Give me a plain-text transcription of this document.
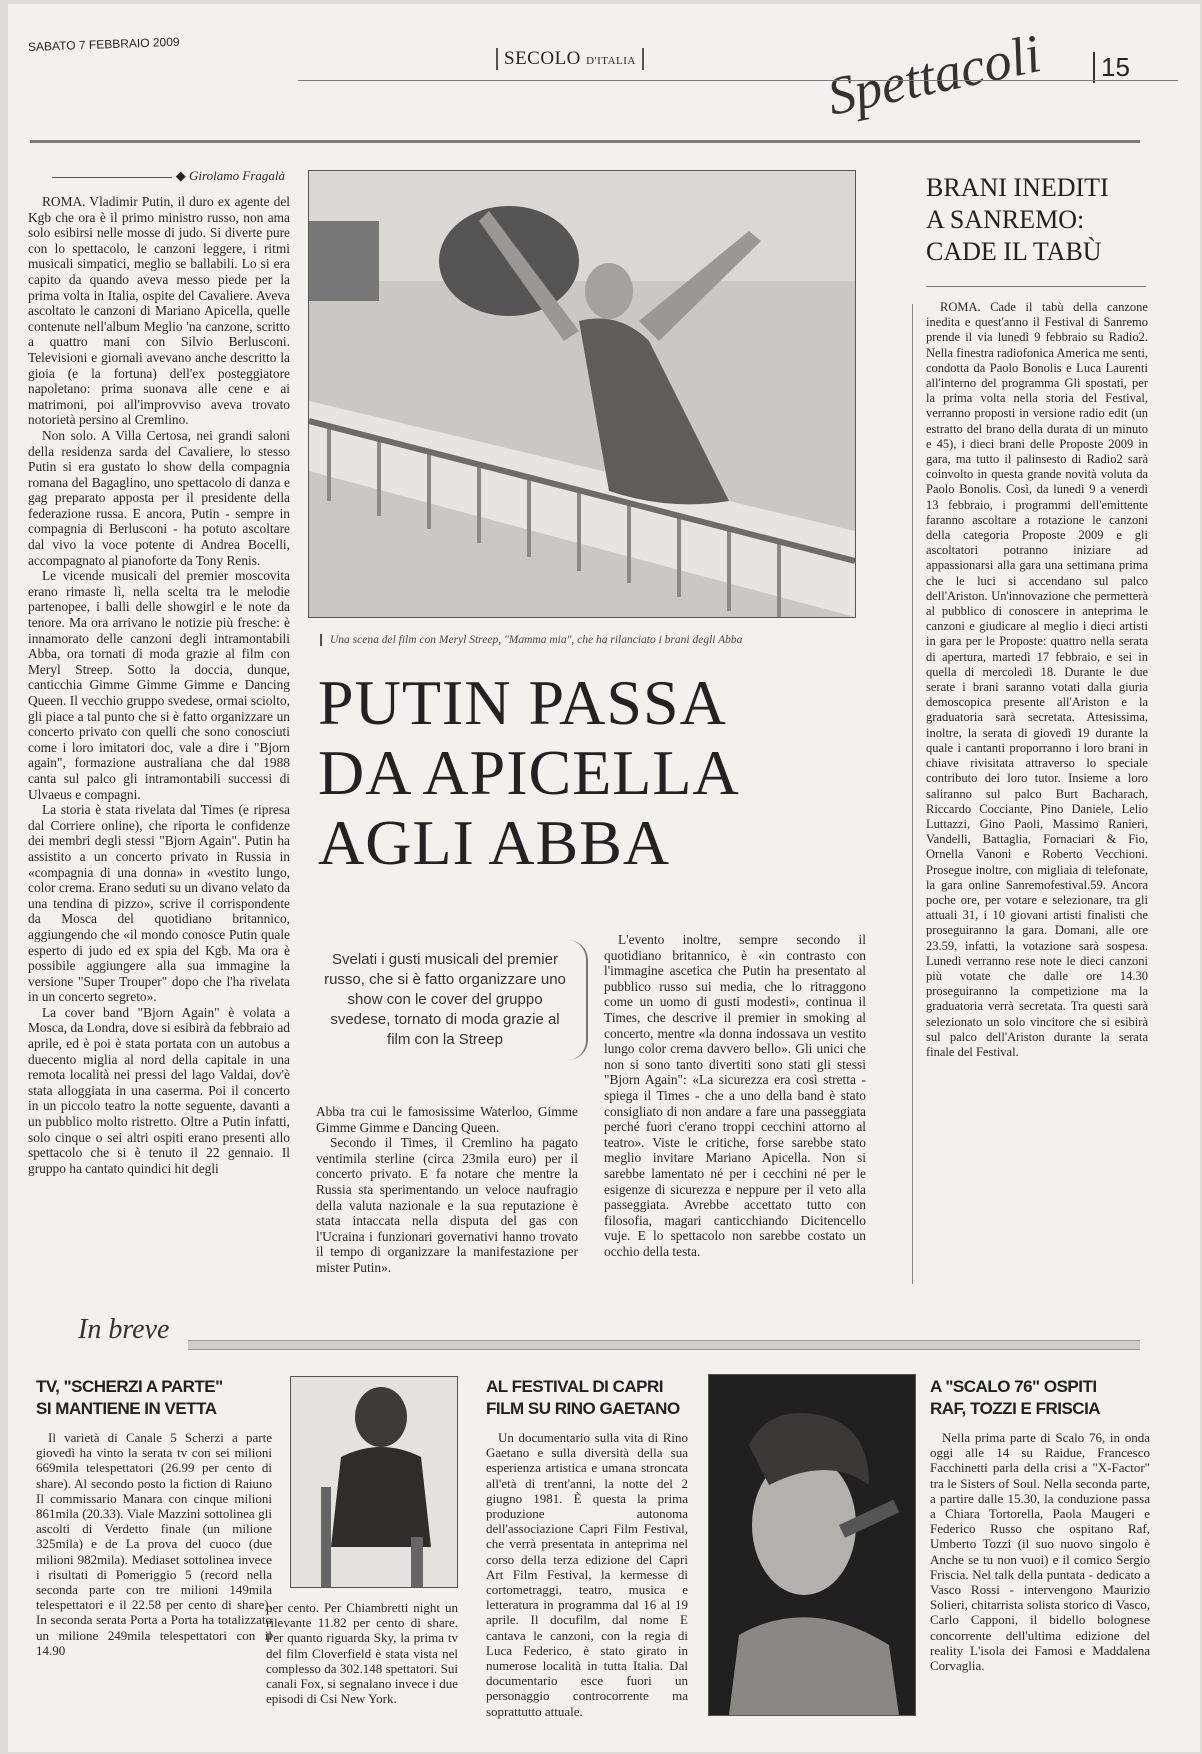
SABATO 7 FEBBRAIO 2009
SECOLO D'ITALIA	Spettacoli	15
◆ Girolamo Fragalà

ROMA. Vladimir Putin, il duro ex agente del Kgb che ora è il primo ministro russo, non ama solo esibirsi nelle mosse di judo. Si diverte pure con lo spettacolo, le canzoni leggere, i ritmi musicali simpatici, meglio se ballabili. Lo si era capito da quando aveva messo piede per la prima volta in Italia, ospite del Cavaliere. Aveva ascoltato le canzoni di Mariano Apicella, quelle contenute nell'album Meglio 'na canzone, scritto a quattro mani con Silvio Berlusconi. Televisioni e giornali avevano anche descritto la gioia (e la fortuna) dell'ex posteggiatore napoletano: prima suonava alle cene e ai matrimoni, poi all'improvviso aveva trovato notorietà persino al Cremlino.

Non solo. A Villa Certosa, nei grandi saloni della residenza sarda del Cavaliere, lo stesso Putin si era gustato lo show della compagnia romana del Bagaglino, uno spettacolo di danza e gag preparato apposta per il presidente della federazione russa. E ancora, Putin - sempre in compagnia di Berlusconi - ha potuto ascoltare dal vivo la voce potente di Andrea Bocelli, accompagnato al pianoforte da Tony Renis.

Le vicende musicali del premier moscovita erano rimaste lì, nella scelta tra le melodie partenopee, i balli delle showgirl e le note da tenore. Ma ora arrivano le notizie più fresche: è innamorato delle canzoni degli intramontabili Abba, ora tornati di moda grazie al film con Meryl Streep. Sotto la doccia, dunque, canticchia Gimme Gimme Gimme e Dancing Queen. Il vecchio gruppo svedese, ormai sciolto, gli piace a tal punto che si è fatto organizzare un concerto privato con quelli che sono conosciuti come i loro imitatori doc, vale a dire i "Bjorn again", formazione australiana che dal 1988 canta sul palco gli intramontabili successi di Ulvaeus e compagni.

La storia è stata rivelata dal Times (e ripresa dal Corriere online), che riporta le confidenze dei membri degli stessi "Bjorn Again". Putin ha assistito a un concerto privato in Russia in «compagnia di una donna» in «vestito lungo, color crema. Erano seduti su un divano velato da una tendina di pizzo», scrive il corrispondente da Mosca del quotidiano britannico, aggiungendo che «il mondo conosce Putin quale esperto di judo ed ex spia del Kgb. Ma ora è possibile aggiungere alla sua immagine la versione "Super Trouper" dopo che l'ha rivelata in un concerto segreto».

La cover band "Bjorn Again" è volata a Mosca, da Londra, dove si esibirà da febbraio ad aprile, ed è poi è stata portata con un autobus a duecento miglia al nord della capitale in una remota località nei pressi del lago Valdai, dov'è stata alloggiata in una caserma. Poi il concerto in un piccolo teatro la notte seguente, davanti a un pubblico molto ristretto. Oltre a Putin infatti, solo cinque o sei altri ospiti erano presenti allo spettacolo che si è tenuto il 22 gennaio. Il gruppo ha cantato quindici hit degli

Una scena del film con Meryl Streep, "Mamma mia", che ha rilanciato i brani degli Abba
PUTIN PASSA
DA APICELLA
AGLI ABBA
Svelati i gusti musicali del premier russo, che si è fatto organizzare uno show con le cover del gruppo svedese, tornato di moda grazie al film con la Streep

Abba tra cui le famosissime Waterloo, Gimme Gimme Gimme e Dancing Queen.

Secondo il Times, il Cremlino ha pagato ventimila sterline (circa 23mila euro) per il concerto privato. E fa notare che mentre la Russia sta sperimentando un veloce naufragio della valuta nazionale e la sua reputazione è stata intaccata nella disputa del gas con l'Ucraina i funzionari governativi hanno trovato il tempo di organizzare la manifestazione per mister Putin».

L'evento inoltre, sempre secondo il quotidiano britannico, è «in contrasto con l'immagine ascetica che Putin ha presentato al pubblico russo sui media, che lo ritraggono come un uomo di gusti modesti», continua il Times, che descrive il premier in smoking al concerto, mentre «la donna indossava un vestito lungo color crema davvero bello». Gli unici che non si sono tanto divertiti sono stati gli stessi "Bjorn Again": «La sicurezza era così stretta - spiega il Times - che a uno della band è stato consigliato di non andare a fare una passeggiata perché fuori c'erano troppi cecchini attorno al teatro». Viste le critiche, forse sarebbe stato meglio invitare Mariano Apicella. Non si sarebbe lamentato né per i cecchini né per le esigenze di sicurezza e neppure per il veto alla passeggiata. Avrebbe accettato tutto con filosofia, magari canticchiando Dicitencello vuje. E lo spettacolo non sarebbe costato un occhio della testa.

BRANI INEDITI
A SANREMO:
CADE IL TABÙ

ROMA. Cade il tabù della canzone inedita e quest'anno il Festival di Sanremo prende il via lunedì 9 febbraio su Radio2. Nella finestra radiofonica America me senti, condotta da Paolo Bonolis e Luca Laurenti all'interno del programma Gli spostati, per la prima volta nella storia del Festival, verranno proposti in versione radio edit (un estratto del brano della durata di un minuto e 45), i dieci brani delle Proposte 2009 in gara, ma tutto il palinsesto di Radio2 sarà coinvolto in questa grande novità voluta da Paolo Bonolis. Così, da lunedì 9 a venerdì 13 febbraio, i programmi dell'emittente faranno ascoltare a rotazione le canzoni della categoria Proposte 2009 e gli ascoltatori potranno iniziare ad appassionarsi alla gara una settimana prima che le luci si accendano sul palco dell'Ariston. Un'innovazione che permetterà al pubblico di conoscere in anteprima le canzoni e giudicare al meglio i dieci artisti in gara per le Proposte: quattro nella serata di apertura, martedì 17 febbraio, e sei in quella di mercoledì 18. Durante le due serate i brani saranno votati dalla giuria demoscopica presente all'Ariston e la graduatoria sarà secretata. Attesissima, inoltre, la serata di giovedì 19 durante la quale i cantanti proporranno i loro brani in chiave rivisitata attraverso lo speciale contributo dei loro tutor. Insieme a loro saliranno sul palco Burt Bacharach, Riccardo Cocciante, Pino Daniele, Lelio Luttazzi, Gino Paoli, Massimo Ranieri, Vandelli, Battaglia, Fornaciari & Fio, Ornella Vanoni e Roberto Vecchioni. Prosegue inoltre, con migliaia di telefonate, la gara online Sanremofestival.59. Ancora poche ore, per votare e selezionare, tra gli attuali 31, i 10 giovani artisti finalisti che proseguiranno la gara. Domani, alle ore 23.59, infatti, la votazione sarà sospesa. Lunedì verranno rese note le dieci canzoni più votate che dalle ore 14.30 proseguiranno la competizione ma la graduatoria verrà secretata. Tra questi sarà selezionato un solo vincitore che si esibirà sul palco dell'Ariston durante la serata finale del Festival.

In breve
TV, "SCHERZI A PARTE"
SI MANTIENE IN VETTA
Il varietà di Canale 5 Scherzi a parte giovedì ha vinto la serata tv con sei milioni 669mila telespettatori (26.99 per cento di share). Al secondo posto la fiction di Raiuno Il commissario Manara con cinque milioni 861mila (20.33). Viale Mazzini sottolinea gli ascolti di Verdetto finale (un milione 325mila) e de La prova del cuoco (due milioni 982mila). Mediaset sottolinea invece i risultati di Pomeriggio 5 (record nella seconda parte con tre milioni 149mila telespettatori e il 22.58 per cento di share). In seconda serata Porta a Porta ha totalizzato un milione 249mila telespettatori con il 14.90
per cento. Per Chiambretti night un rilevante 11.82 per cento di share. Per quanto riguarda Sky, la prima tv del film Cloverfield è stata vista nel complesso da 302.148 spettatori. Sui canali Fox, si segnalano invece i due episodi di Csi New York.
AL FESTIVAL DI CAPRI
FILM SU RINO GAETANO
Un documentario sulla vita di Rino Gaetano e sulla diversità della sua esperienza artistica e umana stroncata all'età di trent'anni, la notte del 2 giugno 1981. È questa la prima produzione autonoma dell'associazione Capri Film Festival, che verrà presentata in anteprima nel corso della terza edizione del Capri Art Film Festival, la kermesse di cortometraggi, teatro, musica e letteratura in programma dal 16 al 19 aprile. Il docufilm, dal nome E cantava le canzoni, con la regia di Luca Federico, è stato girato in numerose località in tutta Italia. Dal documentario esce fuori un personaggio controcorrente ma soprattutto attuale.
A "SCALO 76" OSPITI
RAF, TOZZI E FRISCIA
Nella prima parte di Scalo 76, in onda oggi alle 14 su Raidue, Francesco Facchinetti parla della crisi a "X-Factor" tra le Sisters of Soul. Nella seconda parte, a partire dalle 15.30, la conduzione passa a Chiara Tortorella, Paola Maugeri e Federico Russo che ospitano Raf, Umberto Tozzi (il suo nuovo singolo è Anche se tu non vuoi) e il comico Sergio Friscia. Nel talk della puntata - dedicato a Vasco Rossi - intervengono Maurizio Solieri, chitarrista solista storico di Vasco, Carlo Capponi, il bidello bolognese concorrente dell'ultima edizione del reality L'isola dei Famosi e Maddalena Corvaglia.
